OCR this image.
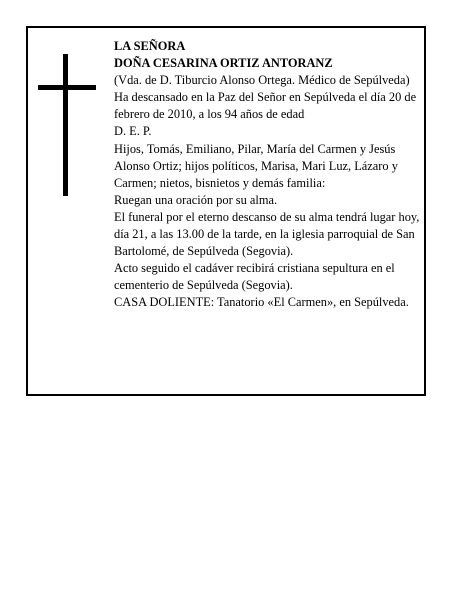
LA SEÑORA

DOÑA CESARINA ORTIZ ANTORANZ

(Vda. de D. Tiburcio Alonso Ortega. Médico de Sepúlveda)

Ha descansado en la Paz del Señor en Sepúlveda el día 20 de febrero de 2010, a los 94 años de edad

D. E. P.

Hijos, Tomás, Emiliano, Pilar, María del Carmen y Jesús Alonso Ortiz; hijos políticos, Marisa, Mari Luz, Lázaro y Carmen; nietos, bisnietos y demás familia:

Ruegan una oración por su alma.

El funeral por el eterno descanso de su alma tendrá lugar hoy, día 21, a las 13.00 de la tarde, en la iglesia parroquial de San Bartolomé, de Sepúlveda (Segovia).

Acto seguido el cadáver recibirá cristiana sepultura en el cementerio de Sepúlveda (Segovia).

CASA DOLIENTE: Tanatorio «El Carmen», en Sepúlveda.
